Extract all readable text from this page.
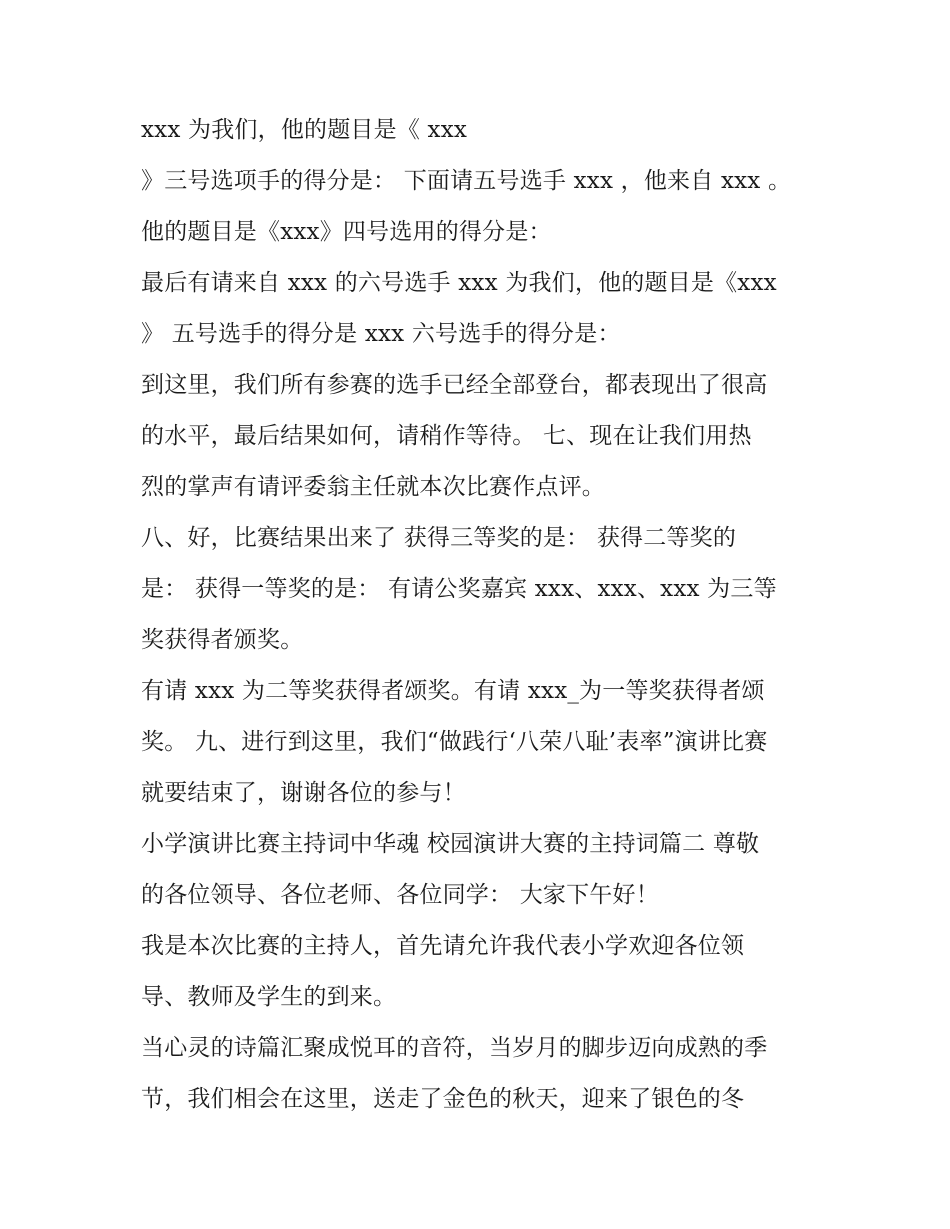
xxx 为我们，他的题目是《 xxx
》三号选项手的得分是： 下面请五号选手 xxx ，他来自 xxx 。
他的题目是《xxx》四号选用的得分是：
最后有请来自 xxx 的六号选手 xxx 为我们，他的题目是《xxx
》 五号选手的得分是 xxx 六号选手的得分是：
到这里，我们所有参赛的选手已经全部登台，都表现出了很高
的水平，最后结果如何，请稍作等待。 七、现在让我们用热
烈的掌声有请评委翁主任就本次比赛作点评。
八、好，比赛结果出来了 获得三等奖的是： 获得二等奖的
是： 获得一等奖的是： 有请公奖嘉宾 xxx、xxx、xxx 为三等
奖获得者颁奖。
有请 xxx 为二等奖获得者颂奖。有请 xxx_为一等奖获得者颂
奖。 九、进行到这里，我们“做践行‘八荣八耻’表率”演讲比赛
就要结束了，谢谢各位的参与！
小学演讲比赛主持词中华魂 校园演讲大赛的主持词篇二 尊敬
的各位领导、各位老师、各位同学： 大家下午好！
我是本次比赛的主持人，首先请允许我代表小学欢迎各位领
导、教师及学生的到来。
当心灵的诗篇汇聚成悦耳的音符，当岁月的脚步迈向成熟的季
节，我们相会在这里，送走了金色的秋天，迎来了银色的冬
